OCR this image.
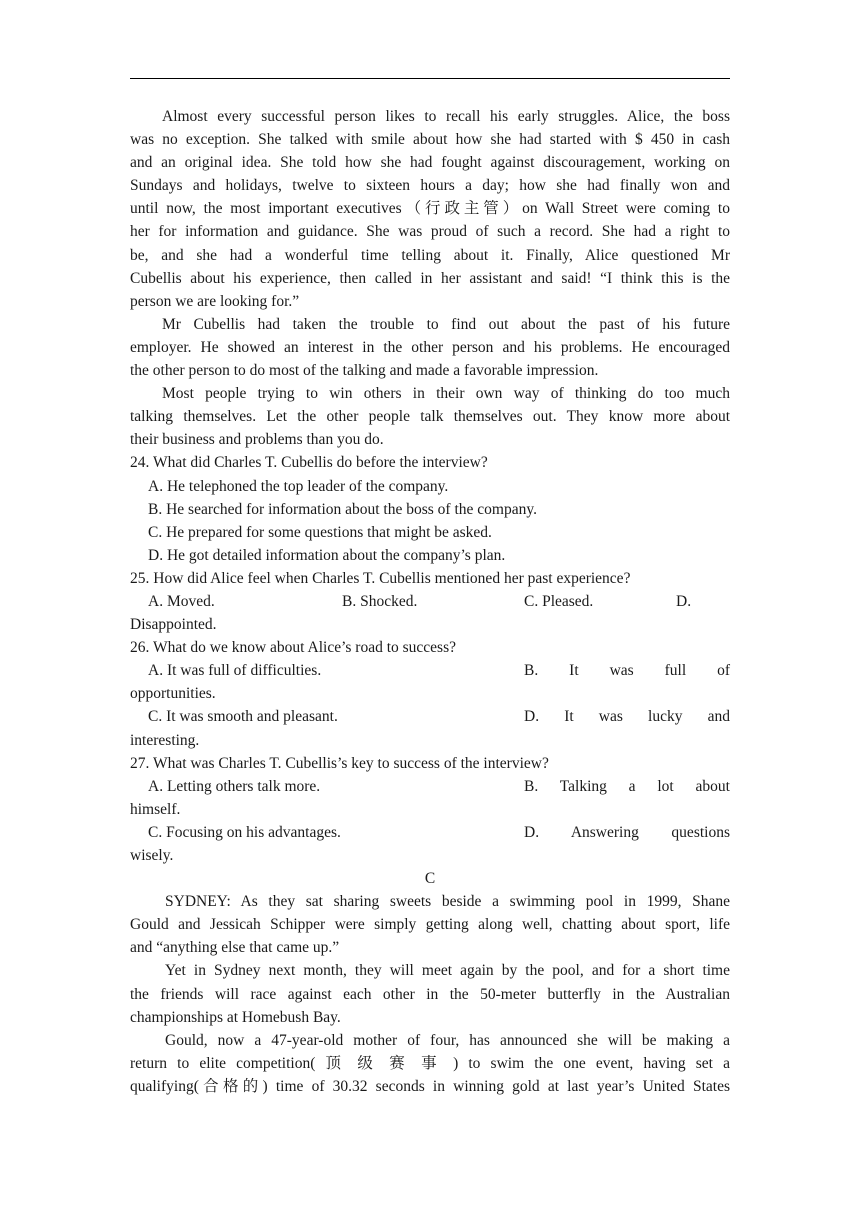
Almost every successful person likes to recall his early struggles. Alice, the boss
was no exception. She talked with smile about how she had started with $ 450 in cash
and an original idea. She told how she had fought against discouragement, working on
Sundays and holidays, twelve to sixteen hours a day; how she had finally won and
until now, the most important executives（行政主管）on Wall Street were coming to
her for information and guidance. She was proud of such a record. She had a right to
be, and she had a wonderful time telling about it. Finally, Alice questioned Mr
Cubellis about his experience, then called in her assistant and said! “I think this is the
person we are looking for.”
Mr Cubellis had taken the trouble to find out about the past of his future
employer. He showed an interest in the other person and his problems. He encouraged
the other person to do most of the talking and made a favorable impression.
Most people trying to win others in their own way of thinking do too much
talking themselves. Let the other people talk themselves out. They know more about
their business and problems than you do.
24. What did Charles T. Cubellis do before the interview?
A. He telephoned the top leader of the company.
B. He searched for information about the boss of the company.
C. He prepared for some questions that might be asked.
D. He got detailed information about the company’s plan.
25. How did Alice feel when Charles T. Cubellis mentioned her past experience?
A. Moved.	B. Shocked.	C. Pleased.	D.
Disappointed.
26. What do we know about Alice’s road to success?
A. It was full of difficulties.	B. It was full of
opportunities.
C. It was smooth and pleasant.	D. It was lucky and
interesting.
27. What was Charles T. Cubellis’s key to success of the interview?
A. Letting others talk more.	B. Talking a lot about
himself.
C. Focusing on his advantages.	D. Answering questions
wisely.
C
SYDNEY: As they sat sharing sweets beside a swimming pool in 1999, Shane
Gould and Jessicah Schipper were simply getting along well, chatting about sport, life
and “anything else that came up.”
Yet in Sydney next month, they will meet again by the pool, and for a short time
the friends will race against each other in the 50-meter butterfly in the Australian
championships at Homebush Bay.
Gould, now a 47-year-old mother of four, has announced she will be making a
return to elite competition( 顶 级 赛 事 ) to swim the one event, having set a
qualifying(合格的) time of 30.32 seconds in winning gold at last year’s United States
